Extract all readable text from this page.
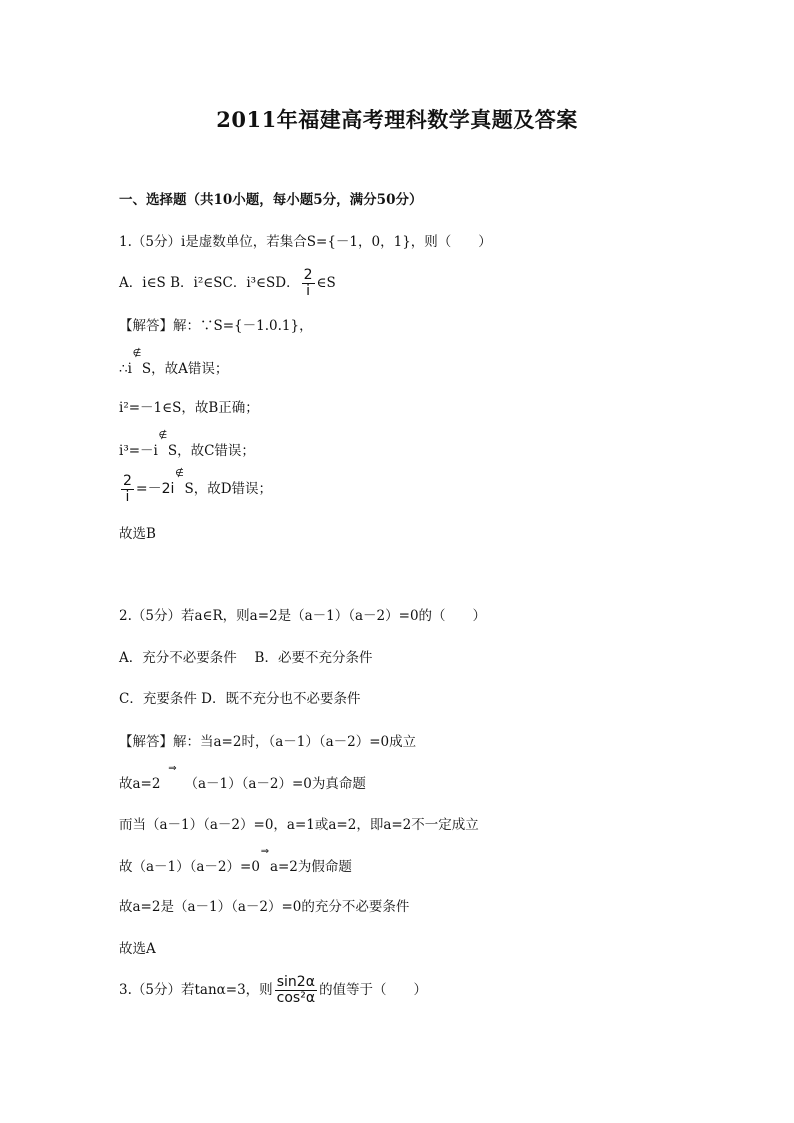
2011年福建高考理科数学真题及答案
一、选择题（共10小题，每小题5分，满分50分）
1.（5分）i是虚数单位，若集合S={－1，0，1}，则（　　）
A．i∈S B．i²∈SC．i³∈SD． $\frac{2}{i}$ ∈S
【解答】解：∵S={－1.0.1}，
∴i
∉
S，故A错误；
i²=－1∈S，故B正确；
i³=－i
∉
S，故C错误；
$\frac{2}{i} =-2i$
∉
S，故D错误；
故选B
2.（5分）若a∈R，则a=2是（a－1）（a－2）=0的（　　）
A．充分不必要条件　 B．必要不充分条件
C．充要条件 D．既不充分也不必要条件
【解答】解：当a=2时，（a－1）（a－2）=0成立
故a=2
⇒
（a－1）（a－2）=0为真命题
而当（a－1）（a－2）=0，a=1或a=2，即a=2不一定成立
故（a－1）（a－2）=0
⇒
a=2为假命题
故a=2是（a－1）（a－2）=0的充分不必要条件
故选A
3.（5分）若tanα=3，则 $\frac{\sin 2\alpha}{\text{cos²α}}$ 的值等于（　　）
